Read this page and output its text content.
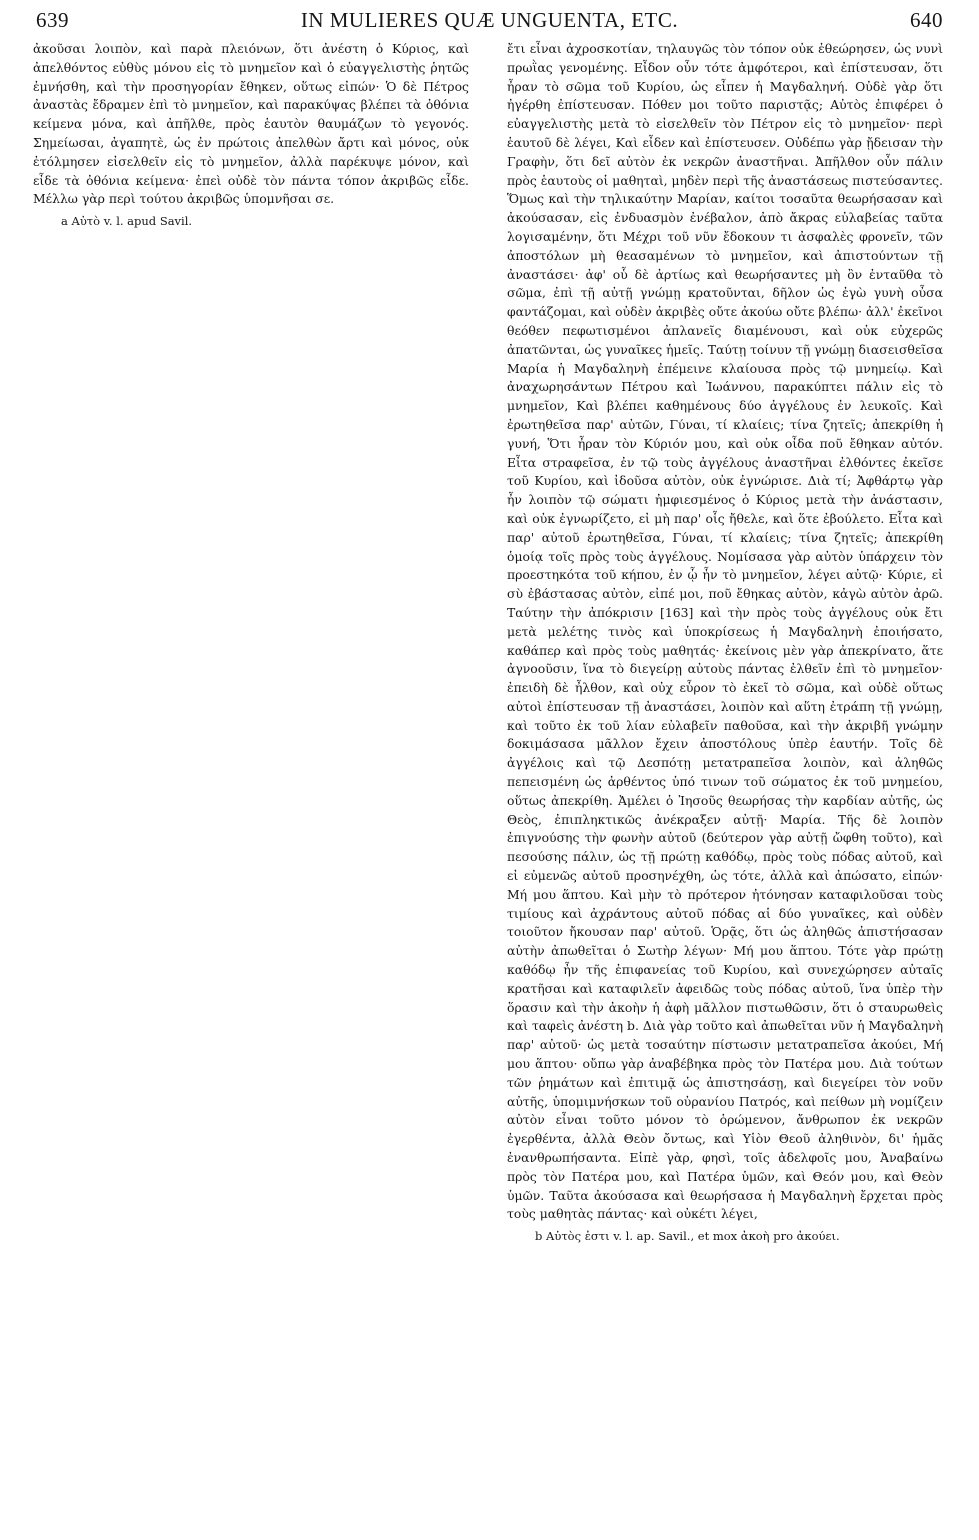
639	IN MULIERES QUÆ UNGUENTA, ETC.	640

ἀκοῦσαι λοιπὸν, καὶ παρὰ πλειόνων, ὅτι ἀνέστη ὁ Κύριος, καὶ ἀπελθόντος εὐθὺς μόνου εἰς τὸ μνημεῖον καὶ ὁ εὐαγγελιστὴς ῥητῶς ἐμνήσθη, καὶ τὴν προσηγορίαν ἔθηκεν, οὕτως εἰπών· Ὁ δὲ Πέτρος ἀναστὰς ἔδραμεν ἐπὶ τὸ μνημεῖον, καὶ παρακύψας βλέπει τὰ ὀθόνια κείμενα μόνα, καὶ ἀπῆλθε, πρὸς ἑαυτὸν θαυμάζων τὸ γεγονός. Σημείωσαι, ἀγαπητὲ, ὡς ἐν πρώτοις ἀπελθὼν ἄρτι καὶ μόνος, οὐκ ἐτόλμησεν εἰσελθεῖν εἰς τὸ μνημεῖον, ἀλλὰ παρέκυψε μόνον, καὶ εἶδε τὰ ὀθόνια κείμενα· ἐπεὶ οὐδὲ τὸν πάντα τόπον ἀκριβῶς εἶδε. Μέλλω γὰρ περὶ τούτου ἀκριβῶς ὑπομνῆσαι σε.

a Αὐτὸ v. l. apud Savil.

ἔτι εἶναι ἀχροσκοτίαν, τηλαυγῶς τὸν τόπον οὐκ ἐθεώρησεν, ὡς νυνὶ πρωῒας γενομένης. Εἶδον οὖν τότε ἀμφότεροι, καὶ ἐπίστευσαν, ὅτι ἦραν τὸ σῶμα τοῦ Κυρίου, ὡς εἶπεν ἡ Μαγδαληνή. Οὐδὲ γὰρ ὅτι ἠγέρθη ἐπίστευσαν. Πόθεν μοι τοῦτο παριστᾷς; Αὐτὸς ἐπιφέρει ὁ εὐαγγελιστὴς μετὰ τὸ εἰσελθεῖν τὸν Πέτρον εἰς τὸ μνημεῖον· περὶ ἑαυτοῦ δὲ λέγει, Καὶ εἶδεν καὶ ἐπίστευσεν. Οὐδέπω γὰρ ᾔδεισαν τὴν Γραφὴν, ὅτι δεῖ αὐτὸν ἐκ νεκρῶν ἀναστῆναι. Ἀπῆλθον οὖν πάλιν πρὸς ἑαυτοὺς οἱ μαθηταὶ, μηδὲν περὶ τῆς ἀναστάσεως πιστεύσαντες. Ὅμως καὶ τὴν τηλικαύτην Μαρίαν, καίτοι τοσαῦτα θεωρήσασαν καὶ ἀκούσασαν, εἰς ἐνδυασμὸν ἐνέβαλον, ἀπὸ ἄκρας εὐλαβείας ταῦτα λογισαμένην, ὅτι Μέχρι τοῦ νῦν ἔδοκουν τι ἀσφαλὲς φρονεῖν, τῶν ἀποστόλων μὴ θεασαμένων τὸ μνημεῖον, καὶ ἀπιστούντων τῇ ἀναστάσει· ἀφ' οὗ δὲ ἀρτίως καὶ θεωρήσαντες μὴ ὂν ἐνταῦθα τὸ σῶμα, ἐπὶ τῇ αὐτῇ γνώμῃ κρατοῦνται, δῆλον ὡς ἐγὼ γυνὴ οὖσα φαντάζομαι, καὶ οὐδὲν ἀκριβὲς οὔτε ἀκούω οὔτε βλέπω· ἀλλ' ἐκεῖνοι θεόθεν πεφωτισμένοι ἀπλανεῖς διαμένουσι, καὶ οὐκ εὐχερῶς ἀπατῶνται, ὡς γυναῖκες ἡμεῖς. Ταύτῃ τοίνυν τῇ γνώμῃ διασεισθεῖσα Μαρία ἡ Μαγδαληνὴ ἐπέμεινε κλαίουσα πρὸς τῷ μνημείῳ. Καὶ ἀναχωρησάντων Πέτρου καὶ Ἰωάννου, παρακύπτει πάλιν εἰς τὸ μνημεῖον, Καὶ βλέπει καθημένους δύο ἀγγέλους ἐν λευκοῖς. Καὶ ἐρωτηθεῖσα παρ' αὐτῶν, Γύναι, τί κλαίεις; τίνα ζητεῖς; ἀπεκρίθη ἡ γυνή, Ὅτι ἦραν τὸν Κύριόν μου, καὶ οὐκ οἶδα ποῦ ἔθηκαν αὐτόν. Εἶτα στραφεῖσα, ἐν τῷ τοὺς ἀγγέλους ἀναστῆναι ἐλθόντες ἐκεῖσε τοῦ Κυρίου, καὶ ἰδοῦσα αὐτὸν, οὐκ ἐγνώρισε. Διὰ τί; Ἀφθάρτῳ γὰρ ἦν λοιπὸν τῷ σώματι ἠμφιεσμένος ὁ Κύριος μετὰ τὴν ἀνάστασιν, καὶ οὐκ ἐγνωρίζετο, εἰ μὴ παρ' οἷς ἤθελε, καὶ ὅτε ἐβούλετο. Εἶτα καὶ παρ' αὐτοῦ ἐρωτηθεῖσα, Γύναι, τί κλαίεις; τίνα ζητεῖς; ἀπεκρίθη ὁμοίᾳ τοῖς πρὸς τοὺς ἀγγέλους. Νομίσασα γὰρ αὐτὸν ὑπάρχειν τὸν προεστηκότα τοῦ κήπου, ἐν ᾧ ἦν τὸ μνημεῖον, λέγει αὐτῷ· Κύριε, εἰ σὺ ἐβάστασας αὐτὸν, εἰπέ μοι, ποῦ ἔθηκας αὐτὸν, κἀγὼ αὐτὸν ἀρῶ. Ταύτην τὴν ἀπόκρισιν [163] καὶ τὴν πρὸς τοὺς ἀγγέλους οὐκ ἔτι μετὰ μελέτης τινὸς καὶ ὑποκρίσεως ἡ Μαγδαληνὴ ἐποιήσατο, καθάπερ καὶ πρὸς τοὺς μαθητάς· ἐκείνοις μὲν γὰρ ἀπεκρίνατο, ἅτε ἀγνοοῦσιν, ἵνα τὸ διεγείρῃ αὐτοὺς πάντας ἐλθεῖν ἐπὶ τὸ μνημεῖον· ἐπειδὴ δὲ ἦλθον, καὶ οὐχ εὗρον τὸ ἐκεῖ τὸ σῶμα, καὶ οὐδὲ οὕτως αὐτοὶ ἐπίστευσαν τῇ ἀναστάσει, λοιπὸν καὶ αὕτη ἐτράπη τῇ γνώμῃ, καὶ τοῦτο ἐκ τοῦ λίαν εὐλαβεῖν παθοῦσα, καὶ τὴν ἀκριβῆ γνώμην δοκιμάσασα μᾶλλον ἔχειν ἀποστόλους ὑπὲρ ἑαυτήν. Τοῖς δὲ ἀγγέλοις καὶ τῷ Δεσπότῃ μετατραπεῖσα λοιπὸν, καὶ ἀληθῶς πεπεισμένη ὡς ἀρθέντος ὑπό τινων τοῦ σώματος ἐκ τοῦ μνημείου, οὕτως ἀπεκρίθη. Ἀμέλει ὁ Ἰησοῦς θεωρήσας τὴν καρδίαν αὐτῆς, ὡς Θεὸς, ἐπιπληκτικῶς ἀνέκραξεν αὐτῇ· Μαρία. Τῆς δὲ λοιπὸν ἐπιγνούσης τὴν φωνὴν αὐτοῦ (δεύτερον γὰρ αὐτῇ ὤφθη τοῦτο), καὶ πεσούσης πάλιν, ὡς τῇ πρώτῃ καθόδῳ, πρὸς τοὺς πόδας αὐτοῦ, καὶ εἰ εὐμενῶς αὐτοῦ προσηνέχθη, ὡς τότε, ἀλλὰ καὶ ἀπώσατο, εἰπών· Μή μου ἅπτου. Καὶ μὴν τὸ πρότερον ἠτόνησαν καταφιλοῦσαι τοὺς τιμίους καὶ ἀχράντους αὐτοῦ πόδας αἱ δύο γυναῖκες, καὶ οὐδὲν τοιοῦτον ἤκουσαν παρ' αὐτοῦ. Ὁρᾷς, ὅτι ὡς ἀληθῶς ἀπιστήσασαν αὐτὴν ἀπωθεῖται ὁ Σωτὴρ λέγων· Μή μου ἅπτου. Τότε γὰρ πρώτῃ καθόδῳ ἦν τῆς ἐπιφανείας τοῦ Κυρίου, καὶ συνεχώρησεν αὐταῖς κρατῆσαι καὶ καταφιλεῖν ἀφειδῶς τοὺς πόδας αὐτοῦ, ἵνα ὑπὲρ τὴν ὅρασιν καὶ τὴν ἀκοὴν ἡ ἀφὴ μᾶλλον πιστωθῶσιν, ὅτι ὁ σταυρωθεὶς καὶ ταφεὶς ἀνέστη b. Διὰ γὰρ τοῦτο καὶ ἀπωθεῖται νῦν ἡ Μαγδαληνὴ παρ' αὐτοῦ· ὡς μετὰ τοσαύτην πίστωσιν μετατραπεῖσα ἀκούει, Μή μου ἅπτου· οὔπω γὰρ ἀναβέβηκα πρὸς τὸν Πατέρα μου. Διὰ τούτων τῶν ῥημάτων καὶ ἐπιτιμᾷ ὡς ἀπιστησάσῃ, καὶ διεγείρει τὸν νοῦν αὐτῆς, ὑπομιμνήσκων τοῦ οὐρανίου Πατρός, καὶ πείθων μὴ νομίζειν αὐτὸν εἶναι τοῦτο μόνον τὸ ὁρώμενον, ἄνθρωπον ἐκ νεκρῶν ἐγερθέντα, ἀλλὰ Θεὸν ὄντως, καὶ Υἱὸν Θεοῦ ἀληθινὸν, δι' ἡμᾶς ἐνανθρωπήσαντα. Εἰπὲ γὰρ, φησὶ, τοῖς ἀδελφοῖς μου, Ἀναβαίνω πρὸς τὸν Πατέρα μου, καὶ Πατέρα ὑμῶν, καὶ Θεόν μου, καὶ Θεὸν ὑμῶν. Ταῦτα ἀκούσασα καὶ θεωρήσασα ἡ Μαγδαληνὴ ἔρχεται πρὸς τοὺς μαθητὰς πάντας· καὶ οὐκέτι λέγει,

b Αὐτὸς ἐστι v. l. ap. Savil., et mox ἀκοὴ pro ἀκούει.
